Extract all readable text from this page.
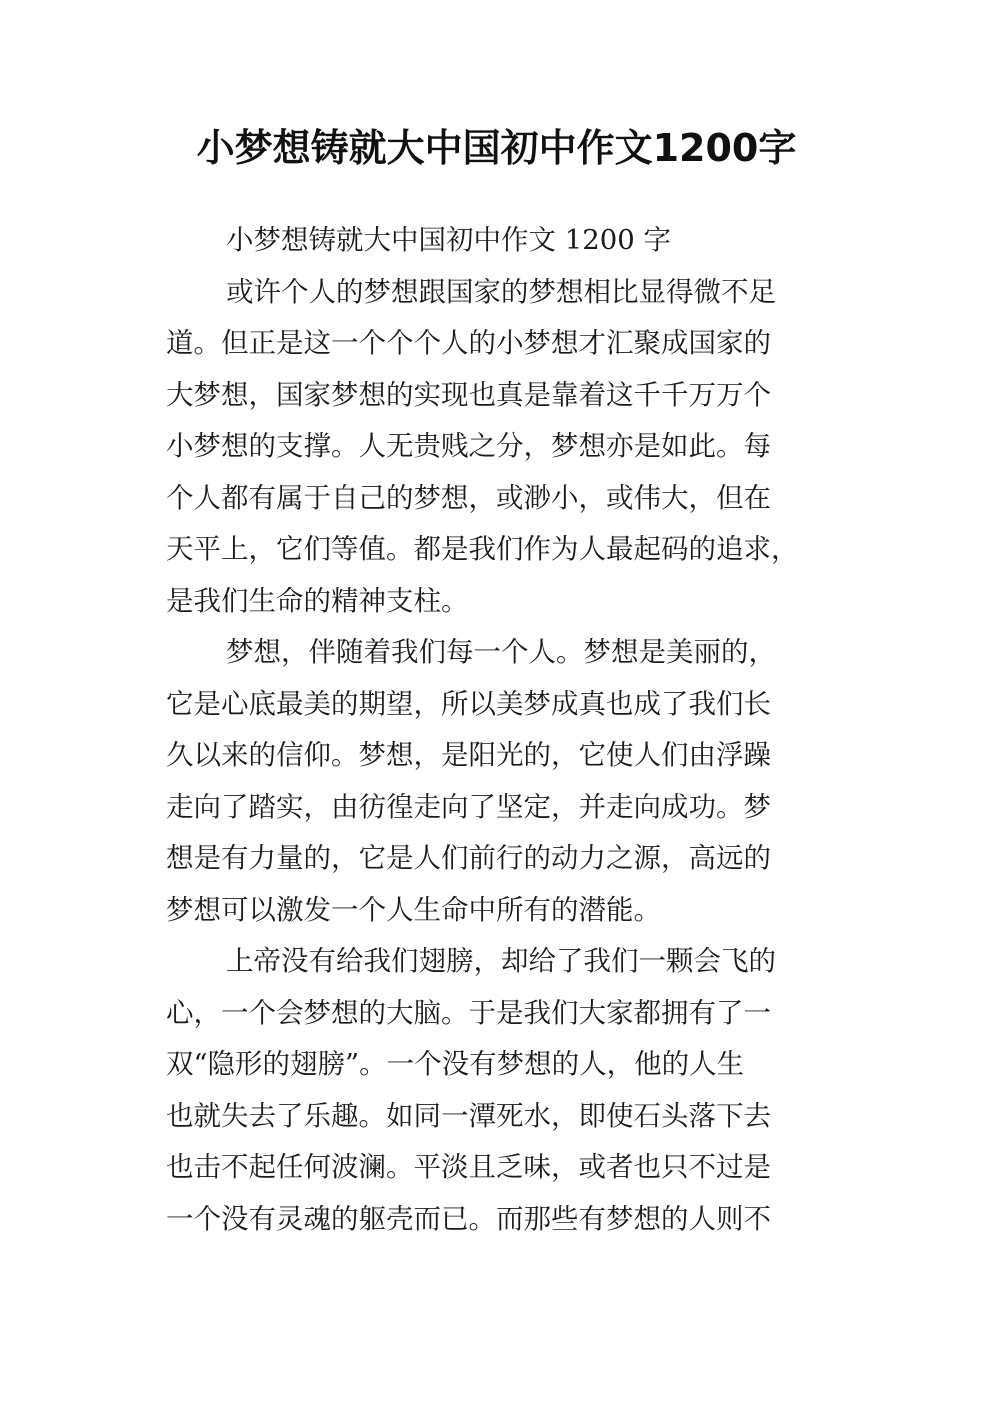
小梦想铸就大中国初中作文1200字
小梦想铸就大中国初中作文 1200 字
或许个人的梦想跟国家的梦想相比显得微不足
道。但正是这一个个个人的小梦想才汇聚成国家的
大梦想，国家梦想的实现也真是靠着这千千万万个
小梦想的支撑。人无贵贱之分，梦想亦是如此。每
个人都有属于自己的梦想，或渺小，或伟大，但在
天平上，它们等值。都是我们作为人最起码的追求，
是我们生命的精神支柱。
梦想，伴随着我们每一个人。梦想是美丽的，
它是心底最美的期望，所以美梦成真也成了我们长
久以来的信仰。梦想，是阳光的，它使人们由浮躁
走向了踏实，由彷徨走向了坚定，并走向成功。梦
想是有力量的，它是人们前行的动力之源，高远的
梦想可以激发一个人生命中所有的潜能。
上帝没有给我们翅膀，却给了我们一颗会飞的
心，一个会梦想的大脑。于是我们大家都拥有了一
双“隐形的翅膀”。一个没有梦想的人，他的人生
也就失去了乐趣。如同一潭死水，即使石头落下去
也击不起任何波澜。平淡且乏味，或者也只不过是
一个没有灵魂的躯壳而已。而那些有梦想的人则不
